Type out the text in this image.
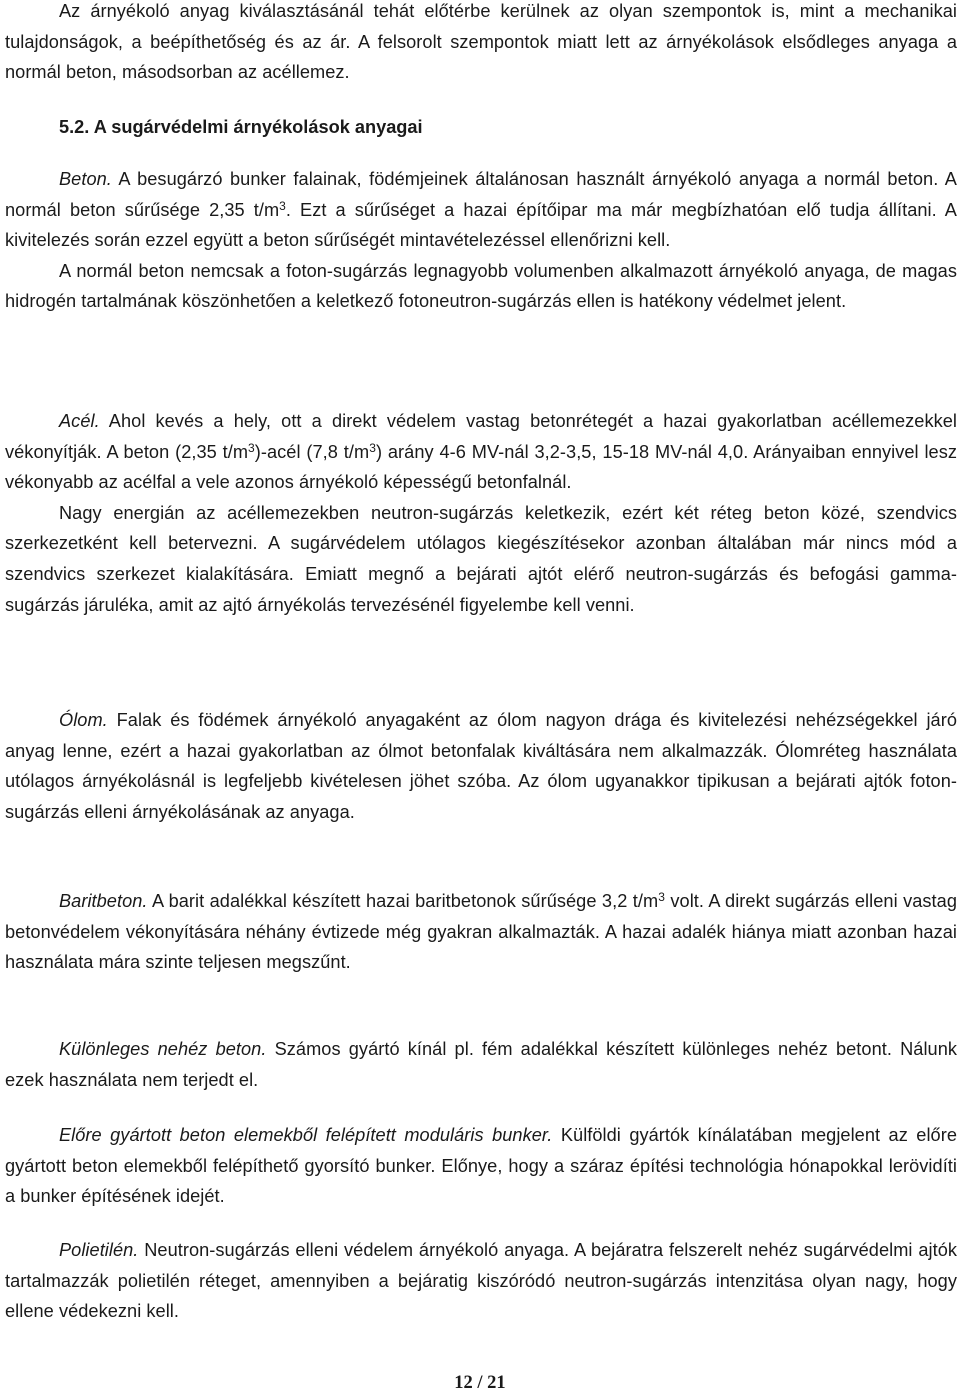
Az árnyékoló anyag kiválasztásánál tehát előtérbe kerülnek az olyan szempontok is, mint a mechanikai tulajdonságok, a beépíthetőség és az ár. A felsorolt szempontok miatt lett az árnyékolások elsődleges anyaga a normál beton, másodsorban az acéllemez.

5.2. A sugárvédelmi árnyékolások anyagai

Beton. A besugárzó bunker falainak, födémjeinek általánosan használt árnyékoló anyaga a normál beton. A normál beton sűrűsége 2,35 $t/m^3$. Ezt a sűrűséget a hazai építőipar ma már megbízhatóan elő tudja állítani. A kivitelezés során ezzel együtt a beton sűrűségét mintavételezéssel ellenőrizni kell.

A normál beton nemcsak a foton-sugárzás legnagyobb volumenben alkalmazott árnyékoló anyaga, de magas hidrogén tartalmának köszönhetően a keletkező fotoneutron-sugárzás ellen is hatékony védelmet jelent.

Acél. Ahol kevés a hely, ott a direkt védelem vastag betonrétegét a hazai gyakorlatban acéllemezekkel vékonyítják. A beton (2,35 $t/m^3$)-acél (7,8 $t/m^3$) arány 4-6 MV-nál 3,2-3,5, 15-18 MV-nál 4,0. Arányaiban ennyivel lesz vékonyabb az acélfal a vele azonos árnyékoló képességű betonfalnál.

Nagy energián az acéllemezekben neutron-sugárzás keletkezik, ezért két réteg beton közé, szendvics szerkezetként kell betervezni. A sugárvédelem utólagos kiegészítésekor azonban általában már nincs mód a szendvics szerkezet kialakítására. Emiatt megnő a bejárati ajtót elérő neutron-sugárzás és befogási gamma-sugárzás járuléka, amit az ajtó árnyékolás tervezésénél figyelembe kell venni.

Ólom. Falak és födémek árnyékoló anyagaként az ólom nagyon drága és kivitelezési nehézségekkel járó anyag lenne, ezért a hazai gyakorlatban az ólmot betonfalak kiváltására nem alkalmazzák. Ólomréteg használata utólagos árnyékolásnál is legfeljebb kivételesen jöhet szóba. Az ólom ugyanakkor tipikusan a bejárati ajtók foton-sugárzás elleni árnyékolásának az anyaga.

Baritbeton. A barit adalékkal készített hazai baritbetonok sűrűsége 3,2 $t/m^3$ volt. A direkt sugárzás elleni vastag betonvédelem vékonyítására néhány évtizede még gyakran alkalmazták. A hazai adalék hiánya miatt azonban hazai használata mára szinte teljesen megszűnt.

Különleges nehéz beton. Számos gyártó kínál pl. fém adalékkal készített különleges nehéz betont. Nálunk ezek használata nem terjedt el.

Előre gyártott beton elemekből felépített moduláris bunker. Külföldi gyártók kínálatában megjelent az előre gyártott beton elemekből felépíthető gyorsító bunker. Előnye, hogy a száraz építési technológia hónapokkal lerövidíti a bunker építésének idejét.

Polietilén. Neutron-sugárzás elleni védelem árnyékoló anyaga. A bejáratra felszerelt nehéz sugárvédelmi ajtók tartalmazzák polietilén réteget, amennyiben a bejáratig kiszóródó neutron-sugárzás intenzitása olyan nagy, hogy ellene védekezni kell.

12 / 21
